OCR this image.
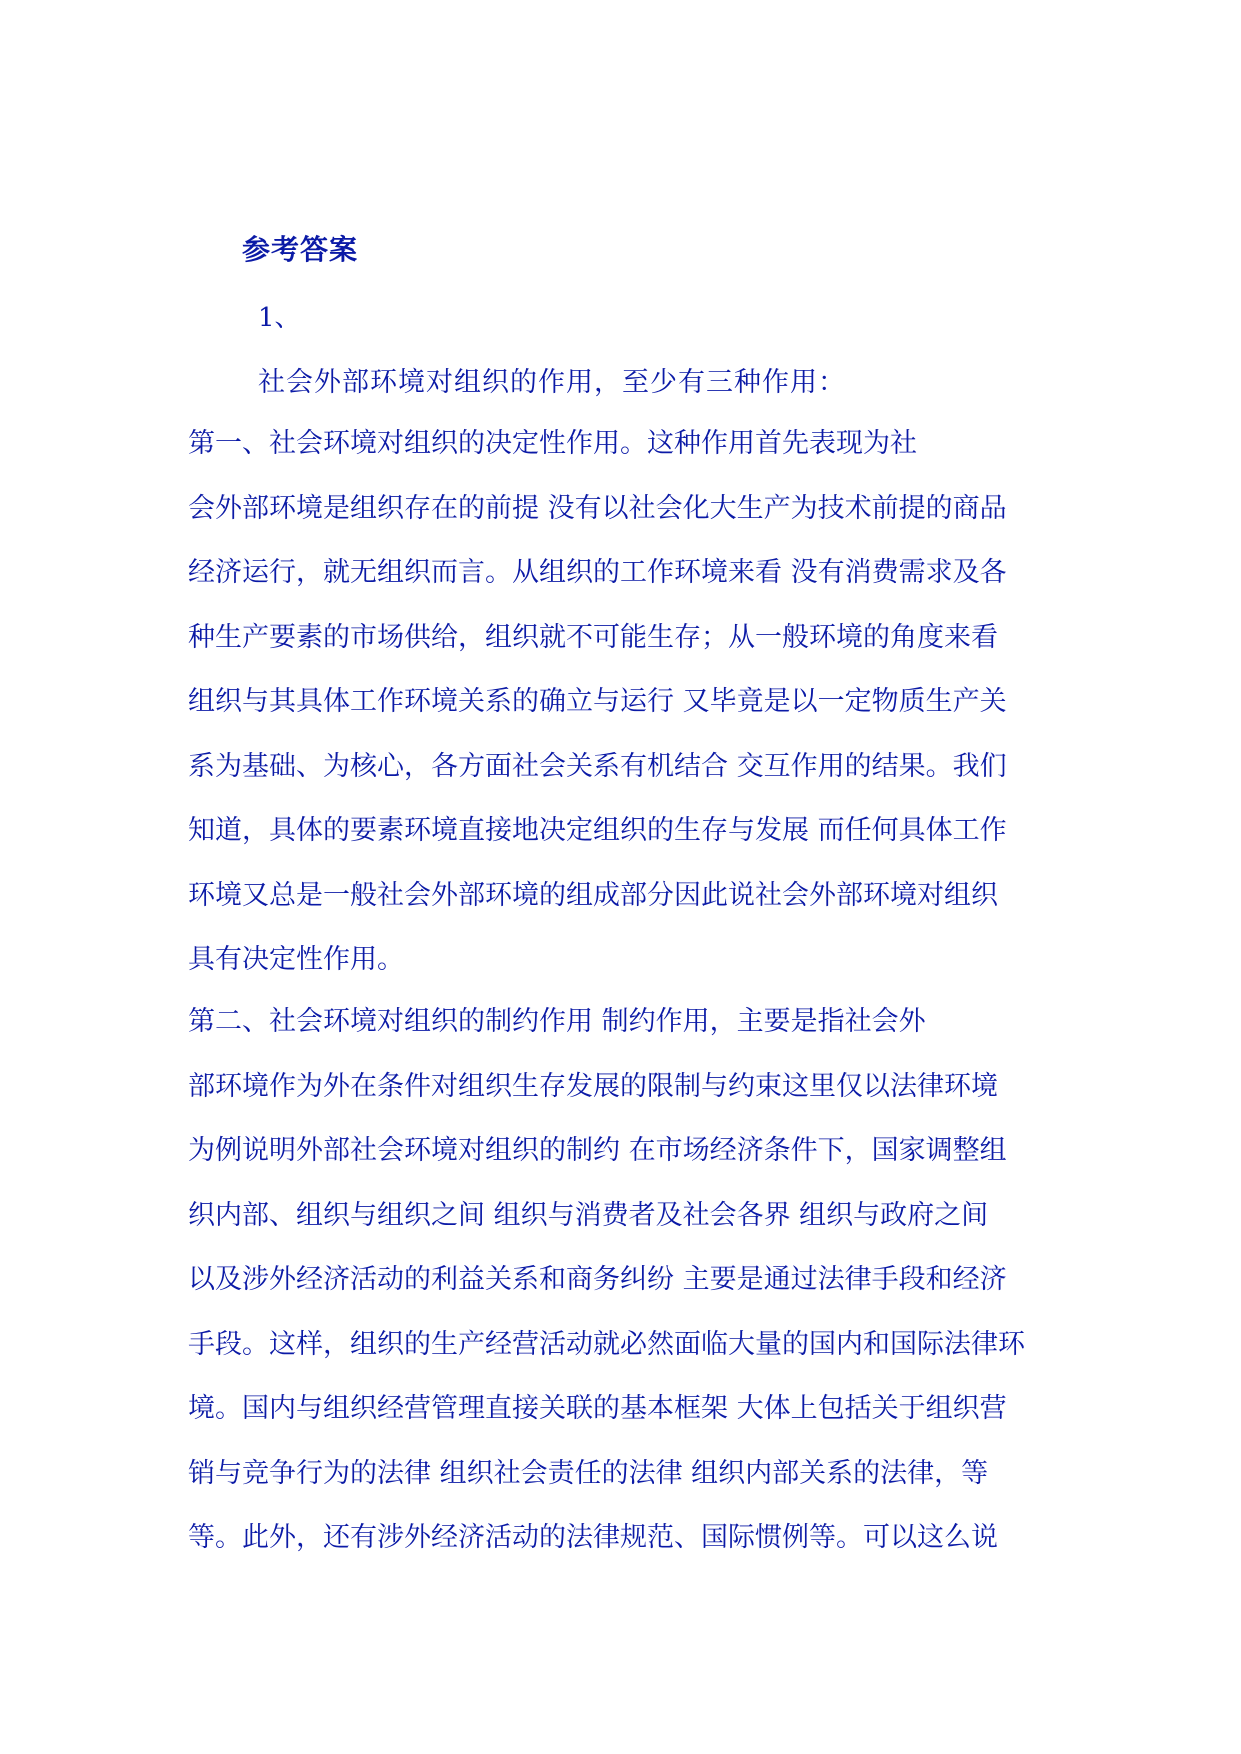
参考答案
1、
社会外部环境对组织的作用，至少有三种作用：
第一、社会环境对组织的决定性作用。这种作用首先表现为社
会外部环境是组织存在的前提 没有以社会化大生产为技术前提的商品
经济运行，就无组织而言。从组织的工作环境来看 没有消费需求及各
种生产要素的市场供给，组织就不可能生存；从一般环境的角度来看
组织与其具体工作环境关系的确立与运行 又毕竟是以一定物质生产关
系为基础、为核心，各方面社会关系有机结合 交互作用的结果。我们
知道，具体的要素环境直接地决定组织的生存与发展 而任何具体工作
环境又总是一般社会外部环境的组成部分因此说社会外部环境对组织
具有决定性作用。
第二、社会环境对组织的制约作用 制约作用，主要是指社会外
部环境作为外在条件对组织生存发展的限制与约束这里仅以法律环境
为例说明外部社会环境对组织的制约 在市场经济条件下，国家调整组
织内部、组织与组织之间 组织与消费者及社会各界 组织与政府之间
以及涉外经济活动的利益关系和商务纠纷 主要是通过法律手段和经济
手段。这样，组织的生产经营活动就必然面临大量的国内和国际法律环
境。国内与组织经营管理直接关联的基本框架 大体上包括关于组织营
销与竞争行为的法律 组织社会责任的法律 组织内部关系的法律，等
等。此外，还有涉外经济活动的法律规范、国际惯例等。可以这么说
